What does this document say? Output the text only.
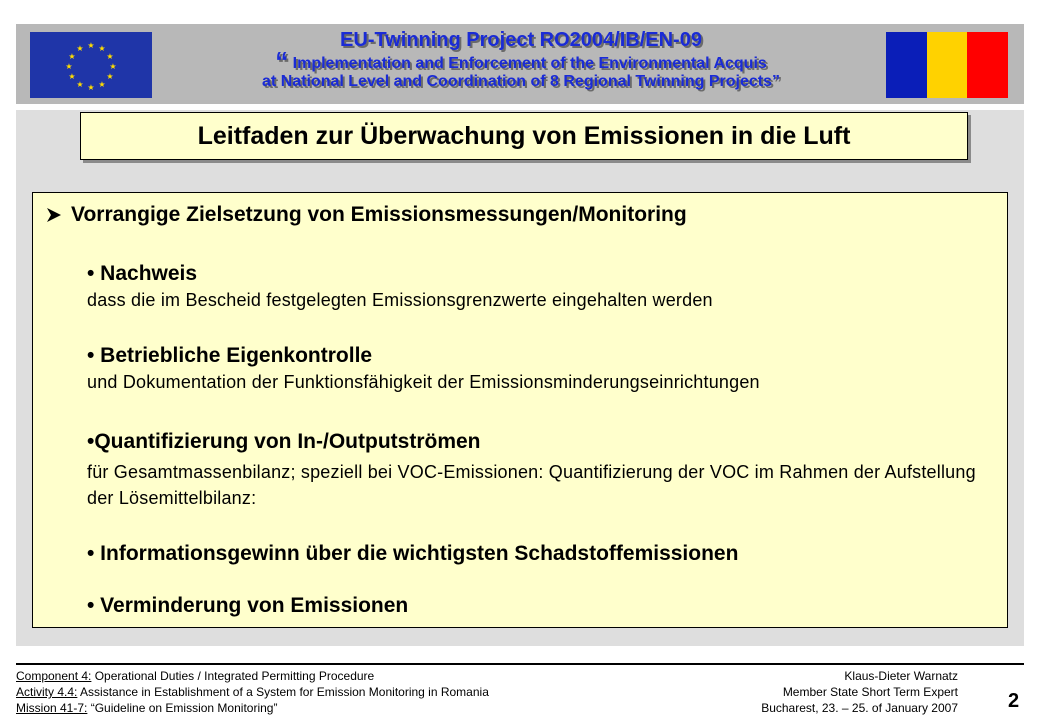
★ ★
★
★
★
★
★
★
★
★
★
★	EU-Twinning Project RO2004/IB/EN-09
“ Implementation and Enforcement of the Environmental Acquis
at National Level and Coordination of 8 Regional Twinning Projects”
Leitfaden zur Überwachung von Emissionen in die Luft
Vorrangige Zielsetzung von Emissionsmessungen/Monitoring
• Nachweis
dass die im Bescheid festgelegten Emissionsgrenzwerte eingehalten werden
• Betriebliche Eigenkontrolle
und Dokumentation der Funktionsfähigkeit der Emissionsminderungseinrichtungen
•Quantifizierung von In-/Outputströmen
für Gesamtmassenbilanz; speziell bei VOC-Emissionen: Quantifizierung der VOC im Rahmen der Aufstellung der Lösemittelbilanz:
• Informationsgewinn über die wichtigsten Schadstoffemissionen
• Verminderung von Emissionen
Component 4: Operational Duties / Integrated Permitting Procedure
Activity 4.4: Assistance in Establishment of a System for Emission Monitoring in Romania
Mission 41-7: “Guideline on Emission Monitoring”
Klaus-Dieter Warnatz
Member State Short Term Expert
Bucharest, 23. – 25. of January 2007	2
